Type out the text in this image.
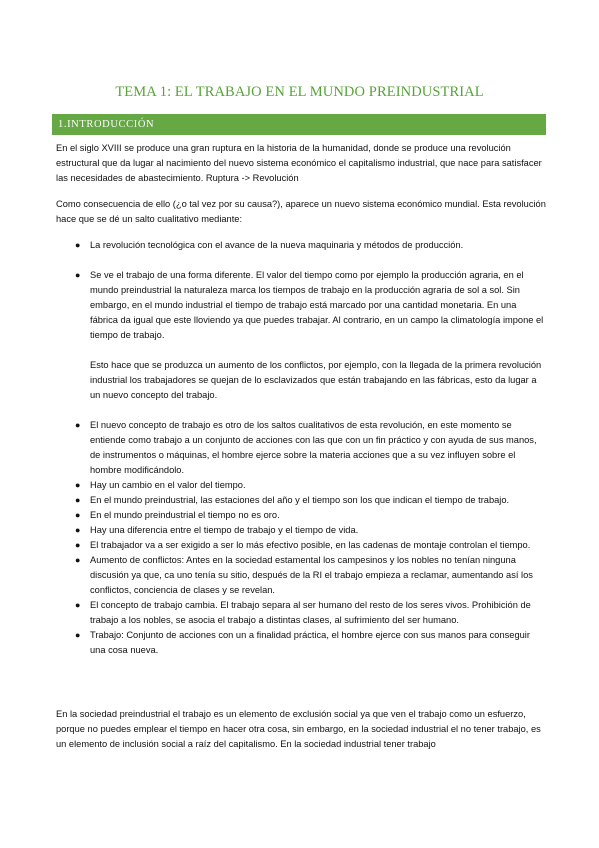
TEMA 1: EL TRABAJO EN EL MUNDO PREINDUSTRIAL
1.INTRODUCCIÓN
En el siglo XVIII se produce una gran ruptura en la historia de la humanidad, donde se produce una revolución estructural que da lugar al nacimiento del nuevo sistema económico el capitalismo industrial, que nace para satisfacer las necesidades de abastecimiento. Ruptura -> Revolución
Como consecuencia de ello (¿o tal vez por su causa?), aparece un nuevo sistema económico mundial. Esta revolución hace que se dé un salto cualitativo mediante:
● La revolución tecnológica con el avance de la nueva maquinaria y métodos de producción.
● Se ve el trabajo de una forma diferente. El valor del tiempo como por ejemplo la producción agraria, en el mundo preindustrial la naturaleza marca los tiempos de trabajo en la producción agraria de sol a sol. Sin embargo, en el mundo industrial el tiempo de trabajo está marcado por una cantidad monetaria. En una fábrica da igual que este lloviendo ya que puedes trabajar. Al contrario, en un campo la climatología impone el tiempo de trabajo.
Esto hace que se produzca un aumento de los conflictos, por ejemplo, con la llegada de la primera revolución industrial los trabajadores se quejan de lo esclavizados que están trabajando en las fábricas, esto da lugar a un nuevo concepto del trabajo.
● El nuevo concepto de trabajo es otro de los saltos cualitativos de esta revolución, en este momento se entiende como trabajo a un conjunto de acciones con las que con un fin práctico y con ayuda de sus manos, de instrumentos o máquinas, el hombre ejerce sobre la materia acciones que a su vez influyen sobre el hombre modificándolo.
● Hay un cambio en el valor del tiempo.
● En el mundo preindustrial, las estaciones del año y el tiempo son los que indican el tiempo de trabajo.
● En el mundo preindustrial el tiempo no es oro.
● Hay una diferencia entre el tiempo de trabajo y el tiempo de vida.
● El trabajador va a ser exigido a ser lo más efectivo posible, en las cadenas de montaje controlan el tiempo.
● Aumento de conflictos: Antes en la sociedad estamental los campesinos y los nobles no tenían ninguna discusión ya que, ca uno tenía su sitio, después de la RI el trabajo empieza a reclamar, aumentando así los conflictos, conciencia de clases y se revelan.
● El concepto de trabajo cambia. El trabajo separa al ser humano del resto de los seres vivos. Prohibición de trabajo a los nobles, se asocia el trabajo a distintas clases, al sufrimiento del ser humano.
● Trabajo: Conjunto de acciones con un a finalidad práctica, el hombre ejerce con sus manos para conseguir una cosa nueva.
En la sociedad preindustrial el trabajo es un elemento de exclusión social ya que ven el trabajo como un esfuerzo, porque no puedes emplear el tiempo en hacer otra cosa, sin embargo, en la sociedad industrial el no tener trabajo, es un elemento de inclusión social a raíz del capitalismo. En la sociedad industrial tener trabajo
